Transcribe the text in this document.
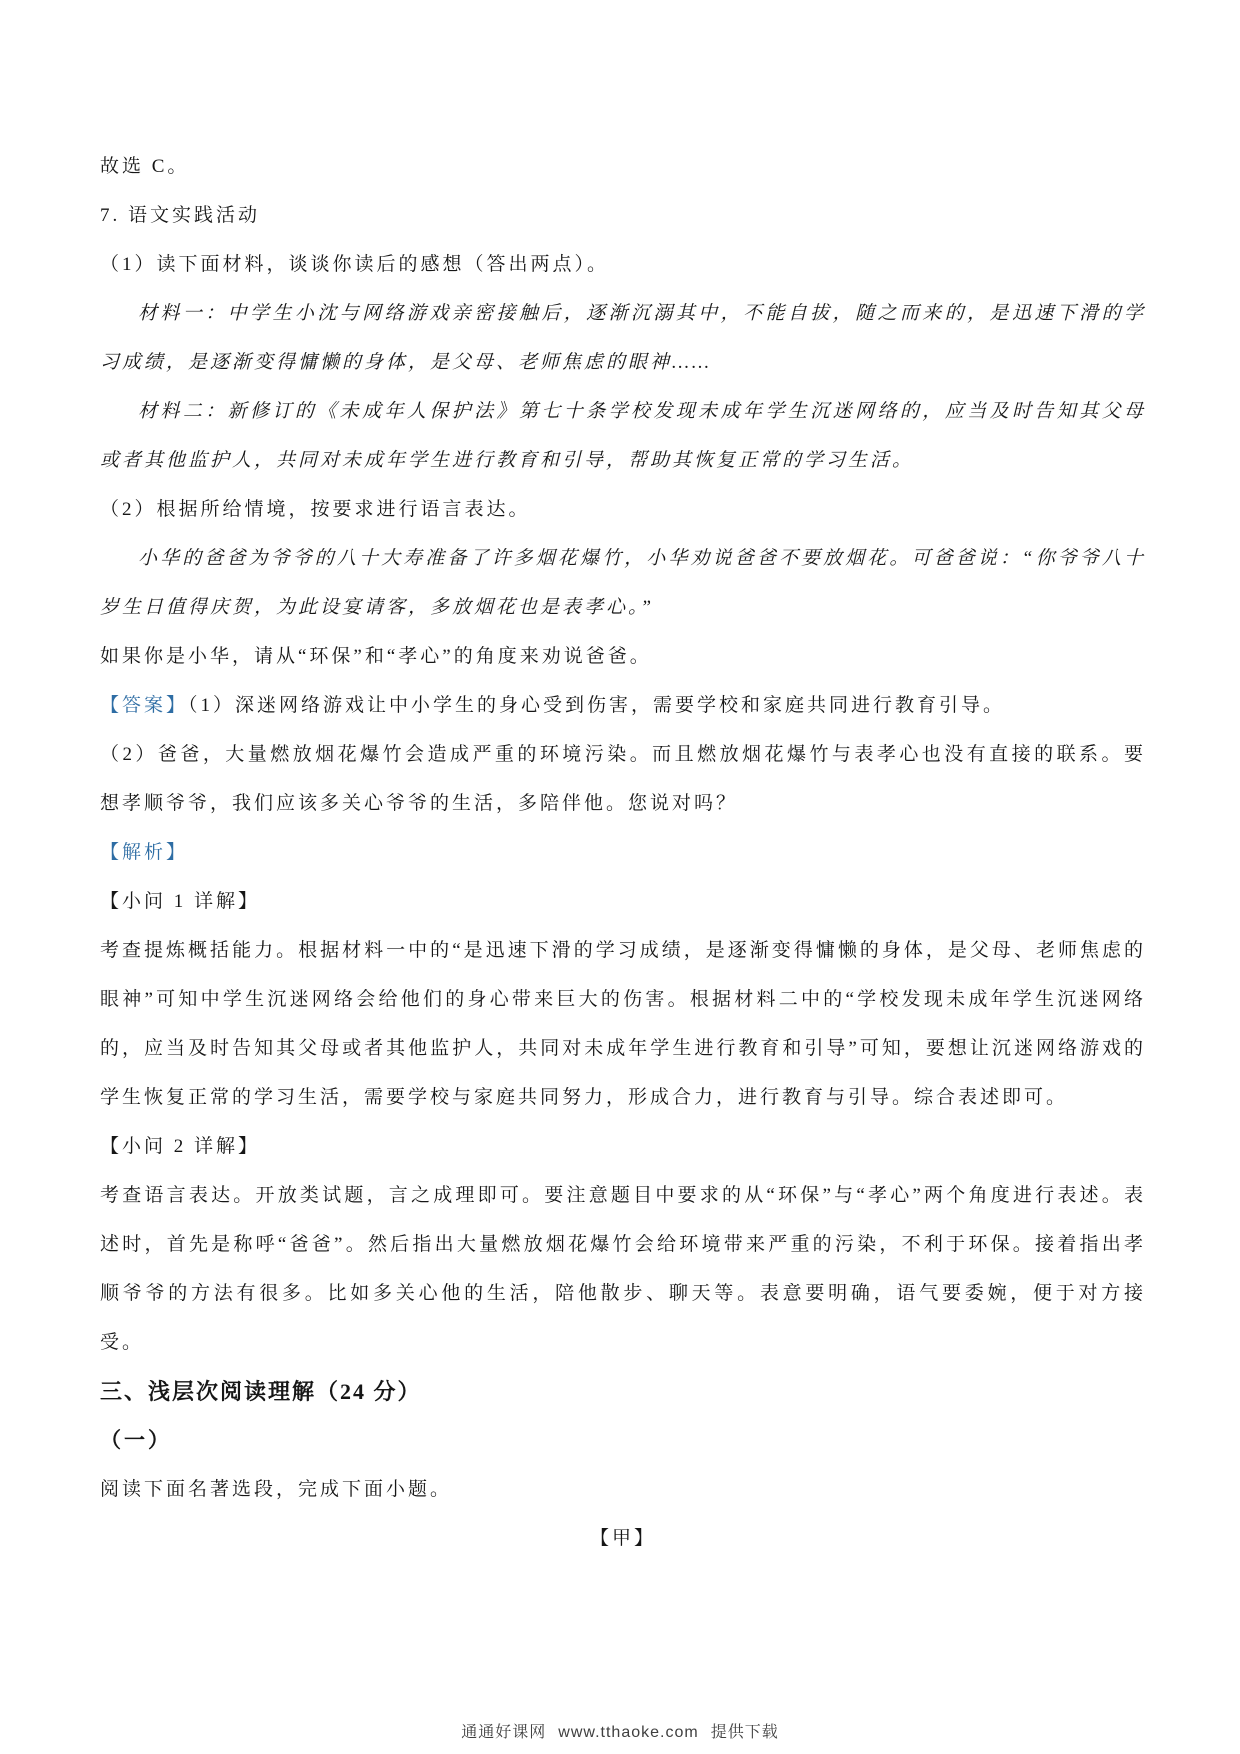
故选 C。

7. 语文实践活动

（1）读下面材料，谈谈你读后的感想（答出两点）。

材料一：中学生小沈与网络游戏亲密接触后，逐渐沉溺其中，不能自拔，随之而来的，是迅速下滑的学习成绩，是逐渐变得慵懒的身体，是父母、老师焦虑的眼神……

材料二：新修订的《未成年人保护法》第七十条学校发现未成年学生沉迷网络的，应当及时告知其父母或者其他监护人，共同对未成年学生进行教育和引导，帮助其恢复正常的学习生活。

（2）根据所给情境，按要求进行语言表达。

小华的爸爸为爷爷的八十大寿准备了许多烟花爆竹，小华劝说爸爸不要放烟花。可爸爸说：“你爷爷八十岁生日值得庆贺，为此设宴请客，多放烟花也是表孝心。”

如果你是小华，请从“环保”和“孝心”的角度来劝说爸爸。

【答案】（1）深迷网络游戏让中小学生的身心受到伤害，需要学校和家庭共同进行教育引导。

（2）爸爸，大量燃放烟花爆竹会造成严重的环境污染。而且燃放烟花爆竹与表孝心也没有直接的联系。要想孝顺爷爷，我们应该多关心爷爷的生活，多陪伴他。您说对吗？

【解析】

【小问 1 详解】

考查提炼概括能力。根据材料一中的“是迅速下滑的学习成绩，是逐渐变得慵懒的身体，是父母、老师焦虑的眼神”可知中学生沉迷网络会给他们的身心带来巨大的伤害。根据材料二中的“学校发现未成年学生沉迷网络的，应当及时告知其父母或者其他监护人，共同对未成年学生进行教育和引导”可知，要想让沉迷网络游戏的学生恢复正常的学习生活，需要学校与家庭共同努力，形成合力，进行教育与引导。综合表述即可。

【小问 2 详解】

考查语言表达。开放类试题，言之成理即可。要注意题目中要求的从“环保”与“孝心”两个角度进行表述。表述时，首先是称呼“爸爸”。然后指出大量燃放烟花爆竹会给环境带来严重的污染，不利于环保。接着指出孝顺爷爷的方法有很多。比如多关心他的生活，陪他散步、聊天等。表意要明确，语气要委婉，便于对方接受。

三、浅层次阅读理解（24 分）
（一）

阅读下面名著选段，完成下面小题。

【甲】

通通好课网 www.tthaoke.com 提供下载
